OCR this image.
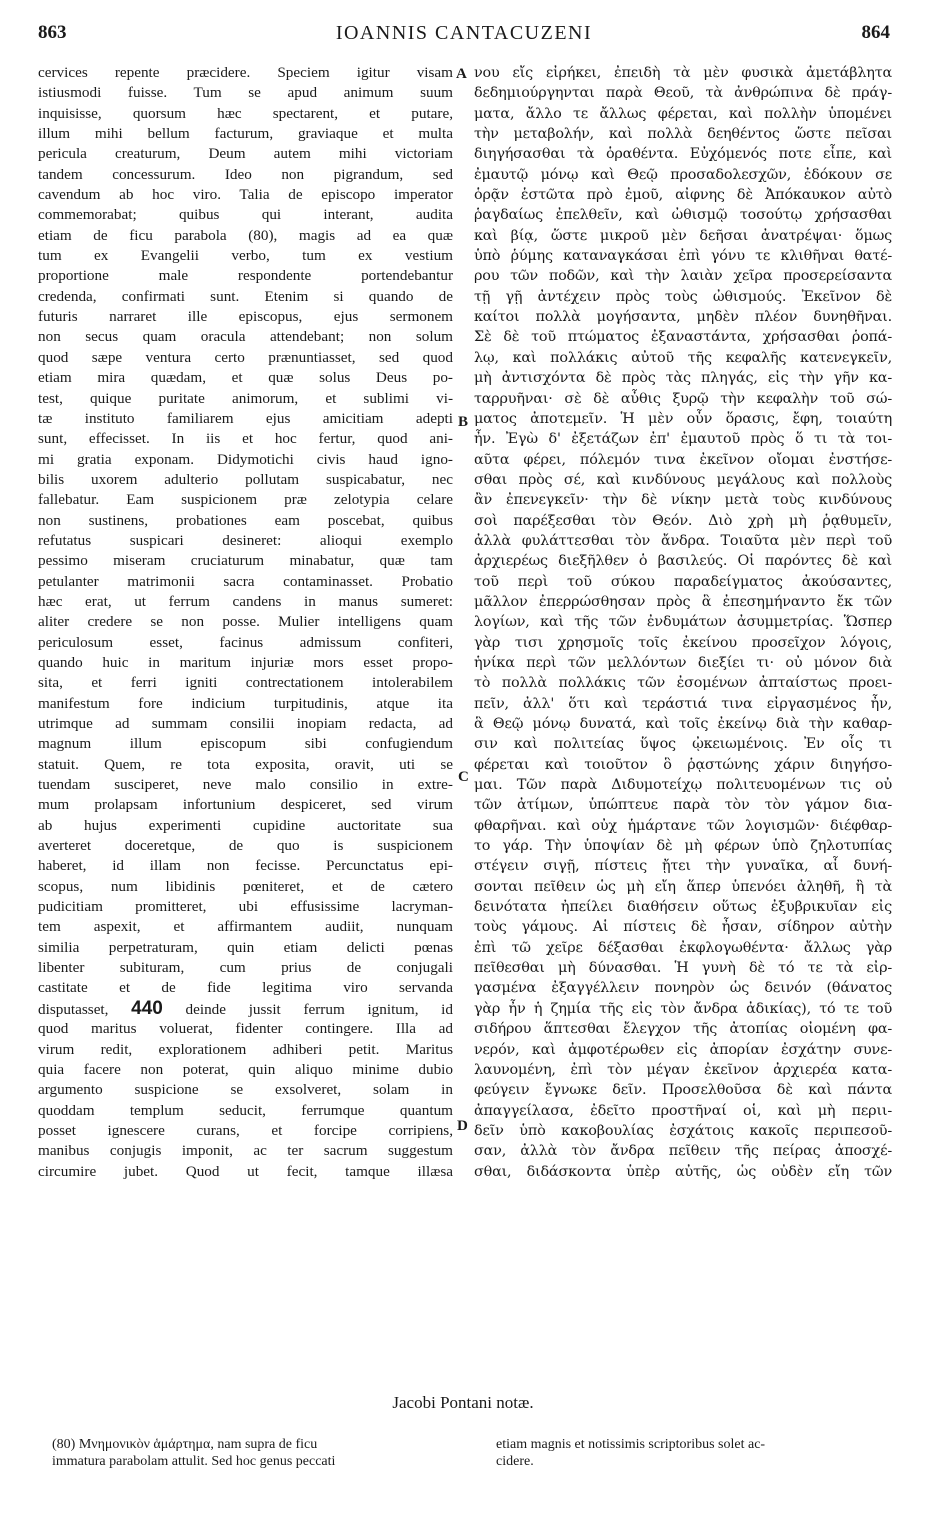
863	IOANNIS CANTACUZENI	864
cervices repente præcidere. Speciem igitur visam
istiusmodi fuisse. Tum se apud animum suum
inquisisse, quorsum hæc spectarent, et putare,
illum mihi bellum facturum, graviaque et multa
pericula creaturum, Deum autem mihi victoriam
tandem concessurum. Ideo non pigrandum, sed
cavendum ab hoc viro. Talia de episcopo imperator
commemorabat; quibus qui interant, audita
etiam de ficu parabola (80), magis ad ea quæ
tum ex Evangelii verbo, tum ex vestium
proportione male respondente portendebantur
credenda, confirmati sunt. Etenim si quando de
futuris narraret ille episcopus, ejus sermonem
non secus quam oracula attendebant; non solum
quod sæpe ventura certo prænuntiasset, sed quod
etiam mira quædam, et quæ solus Deus po-
test, quique puritate animorum, et sublimi vi-
tæ instituto familiarem ejus amicitiam adepti
sunt, effecisset. In iis et hoc fertur, quod ani-
mi gratia exponam. Didymotichi civis haud igno-
bilis uxorem adulterio pollutam suspicabatur, nec
fallebatur. Eam suspicionem præ zelotypia celare
non sustinens, probationes eam poscebat, quibus
refutatus suspicari desineret: alioqui exemplo
pessimo miseram cruciaturum minabatur, quæ tam
petulanter matrimonii sacra contaminasset. Probatio
hæc erat, ut ferrum candens in manus sumeret:
aliter credere se non posse. Mulier intelligens quam
periculosum esset, facinus admissum confiteri,
quando huic in maritum injuriæ mors esset propo-
sita, et ferri igniti contrectationem intolerabilem
manifestum fore indicium turpitudinis, atque ita
utrimque ad summam consilii inopiam redacta, ad
magnum illum episcopum sibi confugiendum
statuit. Quem, re tota exposita, oravit, uti se
tuendam susciperet, neve malo consilio in extre-
mum prolapsam infortunium despiceret, sed virum
ab hujus experimenti cupidine auctoritate sua
averteret doceretque, de quo is suspicionem
haberet, id illam non fecisse. Percunctatus epi-
scopus, num libidinis pœniteret, et de cætero
pudicitiam promitteret, ubi effusissime lacryman-
tem aspexit, et affirmantem audiit, nunquam
similia perpetraturam, quin etiam delicti pœnas
libenter subituram, cum prius de conjugali
castitate et de fide legitima viro servanda
disputasset, 440 deinde jussit ferrum ignitum, id
quod maritus voluerat, fidenter contingere. Illa ad
virum redit, explorationem adhiberi petit. Maritus
quia facere non poterat, quin aliquo minime dubio
argumento suspicione se exsolveret, solam in
quoddam templum seducit, ferrumque quantum
posset ignescere curans, et forcipe corripiens,
manibus conjugis imponit, ac ter sacrum suggestum
circumire jubet. Quod ut fecit, tamque illæsa
A
B
C
D
νου εἴς εἰρήκει, ἐπειδὴ τὰ μὲν φυσικὰ ἀμετάβλητα
δεδημιούργηνται παρὰ Θεοῦ, τὰ ἀνθρώπινα δὲ πράγ-
ματα, ἄλλο τε ἄλλως φέρεται, καὶ πολλὴν ὑπομένει
τὴν μεταβολήν, καὶ πολλὰ δεηθέντος ὥστε πεῖσαι
διηγήσασθαι τὰ ὁραθέντα. Εὐχόμενός ποτε εἶπε, καὶ
ἐμαυτῷ μόνῳ καὶ Θεῷ προσαδολεσχῶν, ἐδόκουν σε
ὁρᾷν ἑστῶτα πρὸ ἐμοῦ, αἰφνης δὲ Ἀπόκαυκον αὐτὸ
ῥαγδαίως ἐπελθεῖν, καὶ ὠθισμῷ τοσούτῳ χρήσασθαι
καὶ βίᾳ, ὥστε μικροῦ μὲν δεῆσαι ἀνατρέψαι· ὅμως
ὑπὸ ῥύμης καταναγκάσαι ἐπὶ γόνυ τε κλιθῆναι θατέ-
ρου τῶν ποδῶν, καὶ τὴν λαιὰν χεῖρα προσερείσαντα
τῇ γῇ ἀντέχειν πρὸς τοὺς ὠθισμούς. Ἐκεῖνον δὲ
καίτοι πολλὰ μογήσαντα, μηδὲν πλέον δυνηθῆναι.
Σὲ δὲ τοῦ πτώματος ἐξαναστάντα, χρήσασθαι ῥοπά-
λῳ, καὶ πολλάκις αὐτοῦ τῆς κεφαλῆς κατενεγκεῖν,
μὴ ἀντισχόντα δὲ πρὸς τὰς πληγάς, εἰς τὴν γῆν κα-
ταρρυῆναι· σὲ δὲ αὖθις ξυρῷ τὴν κεφαλὴν τοῦ σώ-
ματος ἀποτεμεῖν. Ἡ μὲν οὖν ὅρασις, ἔφη, τοιαύτη
ἦν. Ἐγὼ δ' ἐξετάζων ἐπ' ἐμαυτοῦ πρὸς ὅ τι τὰ τοι-
αῦτα φέρει, πόλεμόν τινα ἐκεῖνον οἴομαι ἐνστήσε-
σθαι πρὸς σέ, καὶ κινδύνους μεγάλους καὶ πολλοὺς
ἂν ἐπενεγκεῖν· τὴν δὲ νίκην μετὰ τοὺς κινδύνους
σοὶ παρέξεσθαι τὸν Θεόν. Διὸ χρὴ μὴ ῥᾳθυμεῖν,
ἀλλὰ φυλάττεσθαι τὸν ἄνδρα. Τοιαῦτα μὲν περὶ τοῦ
ἀρχιερέως διεξῆλθεν ὁ βασιλεύς. Οἱ παρόντες δὲ καὶ
τοῦ περὶ τοῦ σύκου παραδείγματος ἀκούσαντες,
μᾶλλον ἐπερρώσθησαν πρὸς ἃ ἐπεσημήναντο ἔκ τῶν
λογίων, καὶ τῆς τῶν ἐνδυμάτων ἀσυμμετρίας. Ὥσπερ
γὰρ τισι χρησμοῖς τοῖς ἐκείνου προσεῖχον λόγοις,
ἡνίκα περὶ τῶν μελλόντων διεξίει τι· οὐ μόνον διὰ
τὸ πολλὰ πολλάκις τῶν ἐσομένων ἀπταίστως προει-
πεῖν, ἀλλ' ὅτι καὶ τεράστιά τινα εἰργασμένος ἦν,
ἃ Θεῷ μόνῳ δυνατά, καὶ τοῖς ἐκείνῳ διὰ τὴν καθαρ-
σιν καὶ πολιτείας ὕψος ᾠκειωμένοις. Ἐν οἷς τι
φέρεται καὶ τοιοῦτον ὃ ῥᾳστώνης χάριν διηγήσο-
μαι. Τῶν παρὰ Διδυμοτείχῳ πολιτευομένων τις οὐ
τῶν ἀτίμων, ὑπώπτευε παρὰ τὸν τὸν γάμον δια-
φθαρῆναι. καὶ οὐχ ἡμάρτανε τῶν λογισμῶν· διέφθαρ-
το γάρ. Τὴν ὑποψίαν δὲ μὴ φέρων ὑπὸ ζηλοτυπίας
στέγειν σιγῇ, πίστεις ᾔτει τὴν γυναῖκα, αἷ δυνή-
σονται πεῖθειν ὡς μὴ εἴη ἅπερ ὑπενόει ἀληθῆ, ἢ τὰ
δεινότατα ἠπείλει διαθήσειν οὕτως ἐξυβρικυῖαν εἰς
τοὺς γάμους. Αἱ πίστεις δὲ ἦσαν, σίδηρον αὐτὴν
ἐπὶ τῶ χεῖρε δέξασθαι ἐκφλογωθέντα· ἄλλως γὰρ
πεῖθεσθαι μὴ δύνασθαι. Ἡ γυνὴ δὲ τό τε τὰ εἰρ-
γασμένα ἐξαγγέλλειν πονηρὸν ὡς δεινόν (θάνατος
γὰρ ἦν ἡ ζημία τῆς εἰς τὸν ἄνδρα ἀδικίας), τό τε τοῦ
σιδήρου ἅπτεσθαι ἔλεγχον τῆς ἀτοπίας οἰομένη φα-
νερόν, καὶ ἀμφοτέρωθεν εἰς ἀπορίαν ἐσχάτην συνε-
λαυνομένη, ἐπὶ τὸν μέγαν ἐκεῖνον ἀρχιερέα κατα-
φεύγειν ἔγνωκε δεῖν. Προσελθοῦσα δὲ καὶ πάντα
ἀπαγγείλασα, ἐδεῖτο προστῆναί οἱ, καὶ μὴ περιι-
δεῖν ὑπὸ κακοβουλίας ἐσχάτοις κακοῖς περιπεσοῦ-
σαν, ἀλλὰ τὸν ἄνδρα πεῖθειν τῆς πείρας ἀποσχέ-
σθαι, διδάσκοντα ὑπὲρ αὐτῆς, ὡς οὐδὲν εἴη τῶν
Jacobi Pontani notæ.
(80) Μνημονικὸν ἁμάρτημα, nam supra de ficu
immatura parabolam attulit. Sed hoc genus peccati
etiam magnis et notissimis scriptoribus solet ac-
cidere.
